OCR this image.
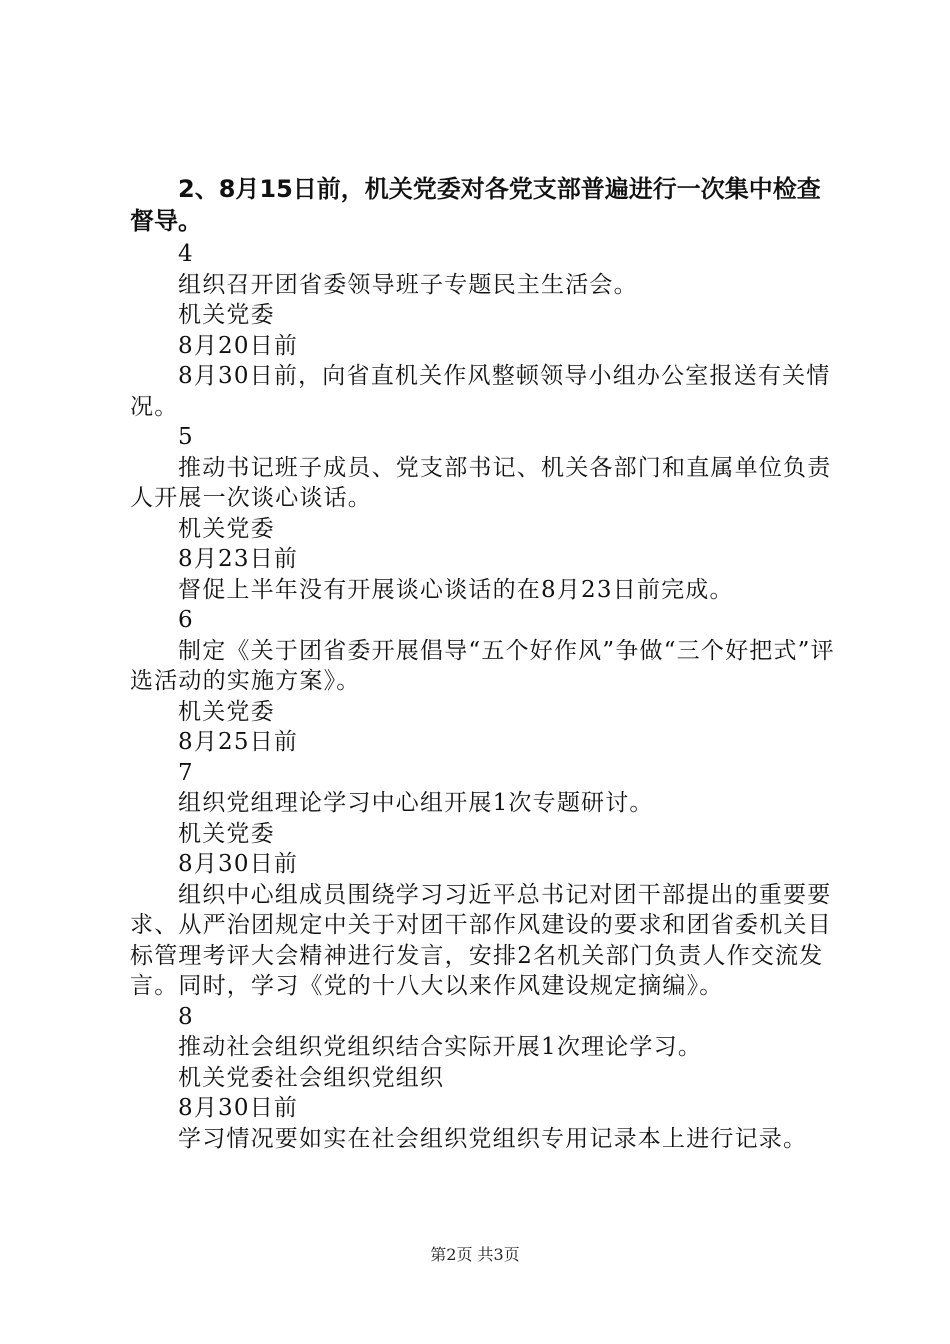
2、8月15日前，机关党委对各党支部普遍进行一次集中检查督导。
4
组织召开团省委领导班子专题民主生活会。
机关党委
8月20日前
8月30日前，向省直机关作风整顿领导小组办公室报送有关情况。
5
推动书记班子成员、党支部书记、机关各部门和直属单位负责人开展一次谈心谈话。
机关党委
8月23日前
督促上半年没有开展谈心谈话的在8月23日前完成。
6
制定《关于团省委开展倡导“五个好作风”争做“三个好把式”评选活动的实施方案》。
机关党委
8月25日前
7
组织党组理论学习中心组开展1次专题研讨。
机关党委
8月30日前
组织中心组成员围绕学习习近平总书记对团干部提出的重要要求、从严治团规定中关于对团干部作风建设的要求和团省委机关目标管理考评大会精神进行发言，安排2名机关部门负责人作交流发言。同时，学习《党的十八大以来作风建设规定摘编》。
8
推动社会组织党组织结合实际开展1次理论学习。
机关党委社会组织党组织
8月30日前
学习情况要如实在社会组织党组织专用记录本上进行记录。
第2页 共3页
